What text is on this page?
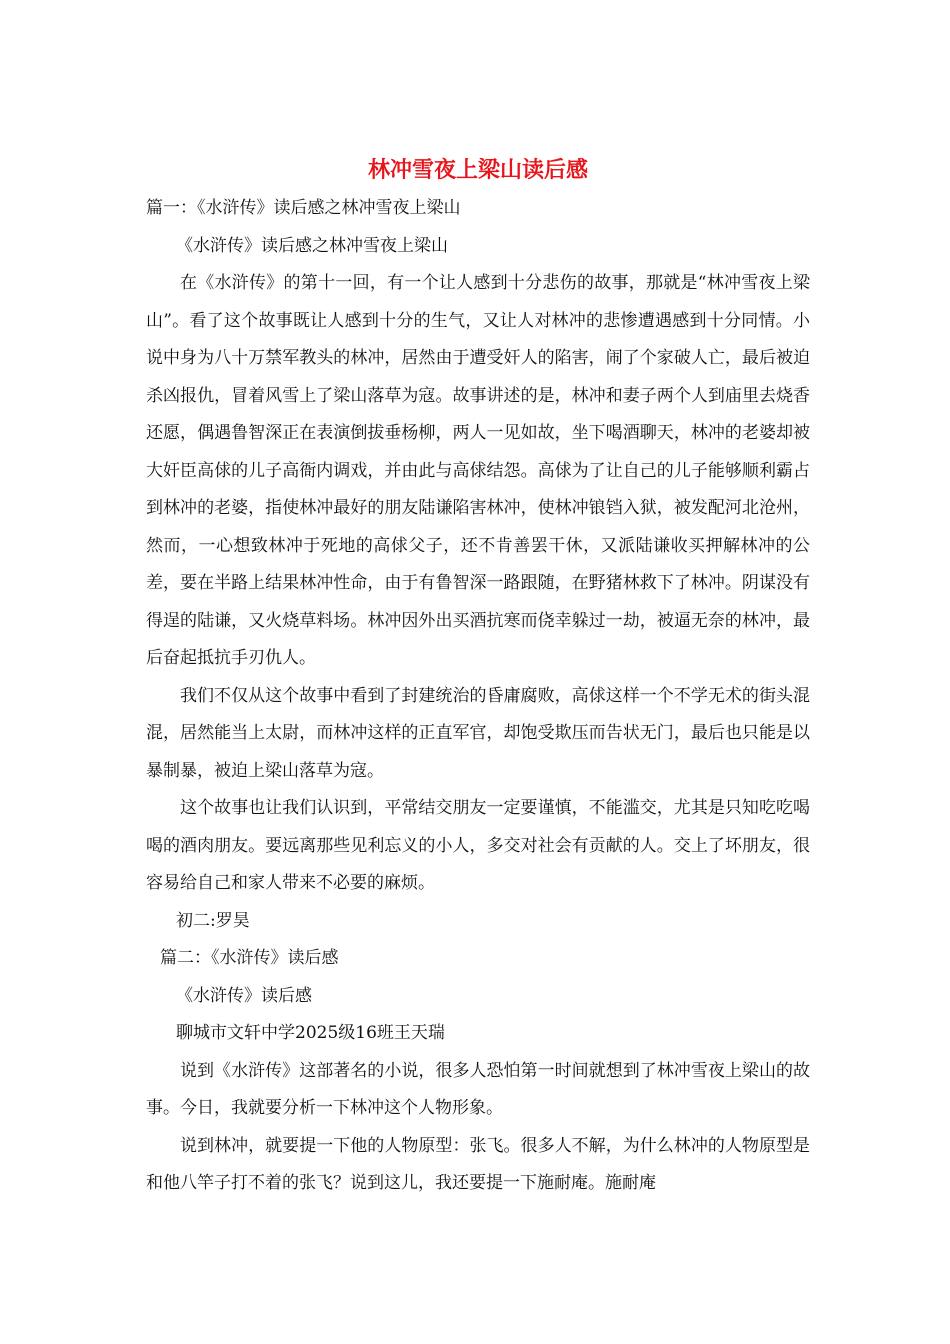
林冲雪夜上梁山读后感

篇一：《水浒传》读后感之林冲雪夜上梁山

《水浒传》读后感之林冲雪夜上梁山

在《水浒传》的第十一回，有一个让人感到十分悲伤的故事，那就是“林冲雪夜上梁山”。看了这个故事既让人感到十分的生气，又让人对林冲的悲惨遭遇感到十分同情。小说中身为八十万禁军教头的林冲，居然由于遭受奸人的陷害，闹了个家破人亡，最后被迫杀凶报仇，冒着风雪上了梁山落草为寇。故事讲述的是，林冲和妻子两个人到庙里去烧香还愿，偶遇鲁智深正在表演倒拔垂杨柳，两人一见如故，坐下喝酒聊天，林冲的老婆却被大奸臣高俅的儿子高衙内调戏，并由此与高俅结怨。高俅为了让自己的儿子能够顺利霸占到林冲的老婆，指使林冲最好的朋友陆谦陷害林冲，使林冲锒铛入狱，被发配河北沧州，然而，一心想致林冲于死地的高俅父子，还不肯善罢干休，又派陆谦收买押解林冲的公差，要在半路上结果林冲性命，由于有鲁智深一路跟随，在野猪林救下了林冲。阴谋没有得逞的陆谦，又火烧草料场。林冲因外出买酒抗寒而侥幸躲过一劫，被逼无奈的林冲，最后奋起抵抗手刃仇人。

我们不仅从这个故事中看到了封建统治的昏庸腐败，高俅这样一个不学无术的街头混混，居然能当上太尉，而林冲这样的正直军官，却饱受欺压而告状无门，最后也只能是以暴制暴，被迫上梁山落草为寇。

这个故事也让我们认识到，平常结交朋友一定要谨慎，不能滥交，尤其是只知吃吃喝喝的酒肉朋友。要远离那些见利忘义的小人，多交对社会有贡献的人。交上了坏朋友，很容易给自己和家人带来不必要的麻烦。

初二:罗昊

篇二：《水浒传》读后感

《水浒传》读后感

聊城市文轩中学2025级16班王天瑞

说到《水浒传》这部著名的小说，很多人恐怕第一时间就想到了林冲雪夜上梁山的故事。今日，我就要分析一下林冲这个人物形象。

说到林冲，就要提一下他的人物原型：张飞。很多人不解，为什么林冲的人物原型是和他八竿子打不着的张飞？说到这儿，我还要提一下施耐庵。施耐庵
